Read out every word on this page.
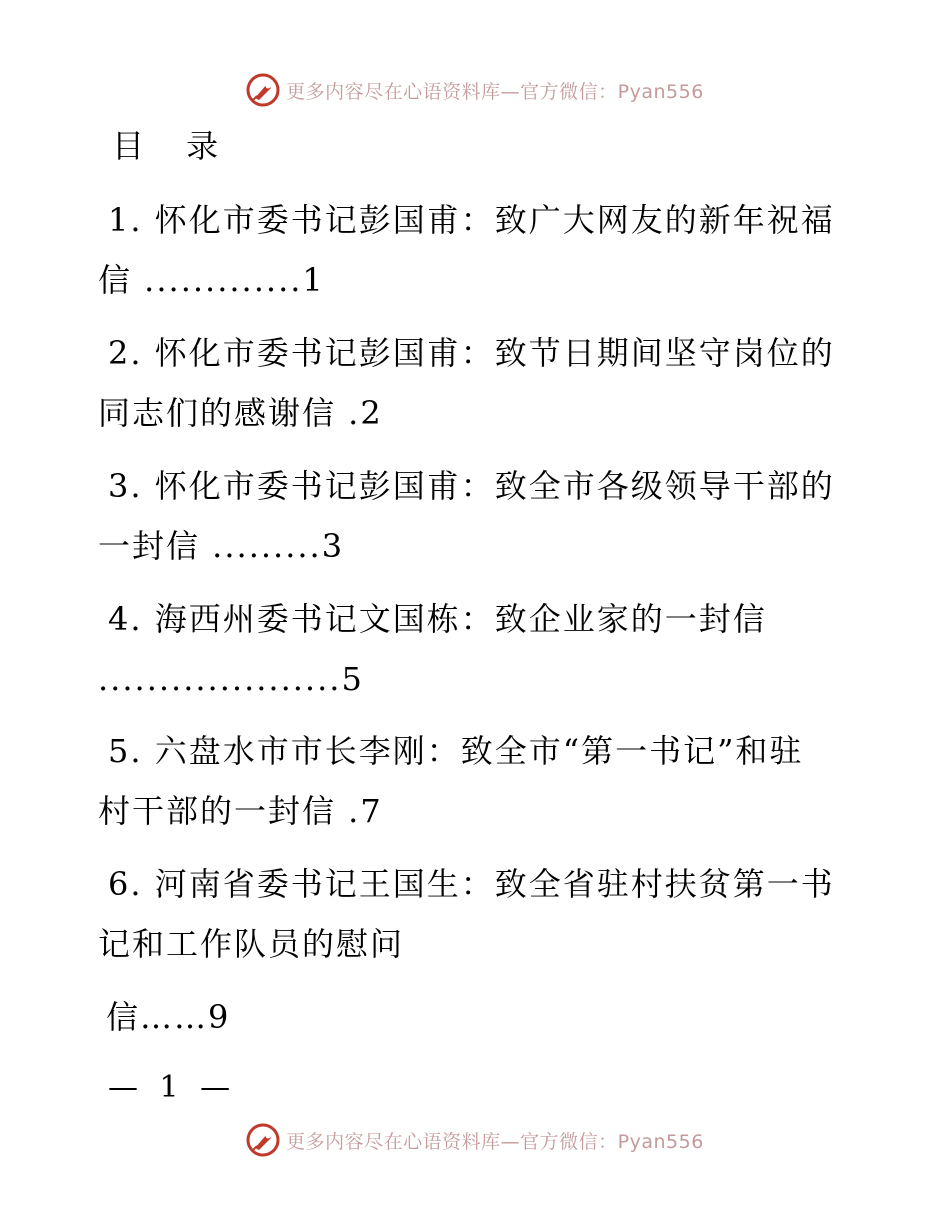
更多内容尽在心语资料库—官方微信：Pyan556
目 录
1. 怀化市委书记彭国甫：致广大网友的新年祝福
信 .............1
2. 怀化市委书记彭国甫：致节日期间坚守岗位的
同志们的感谢信 .2
3. 怀化市委书记彭国甫：致全市各级领导干部的
一封信 .........3
4. 海西州委书记文国栋：致企业家的一封信
....................5
5. 六盘水市市长李刚：致全市“第一书记”和驻
村干部的一封信 .7
6. 河南省委书记王国生：致全省驻村扶贫第一书
记和工作队员的慰问
信……9
— 1 —
更多内容尽在心语资料库—官方微信：Pyan556
